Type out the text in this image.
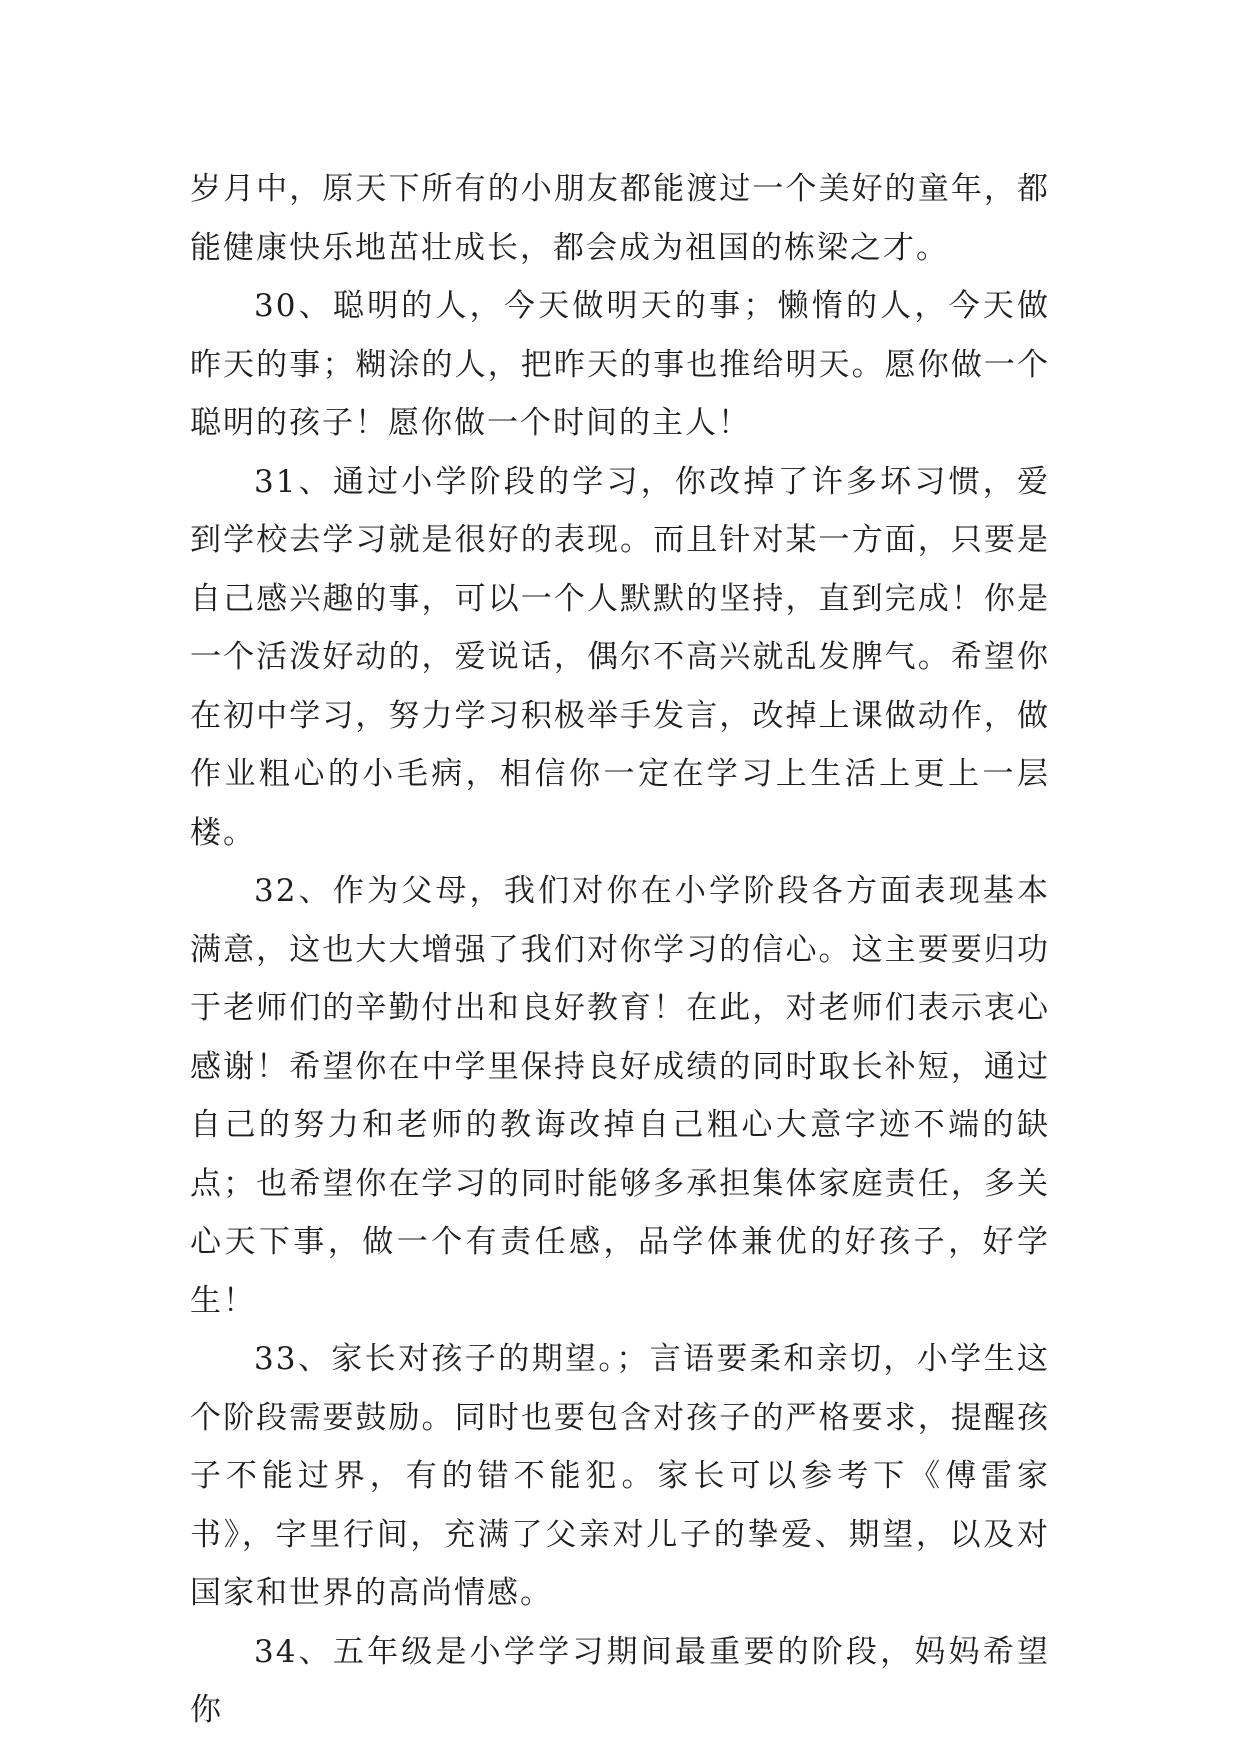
岁月中，原天下所有的小朋友都能渡过一个美好的童年，都能健康快乐地茁壮成长，都会成为祖国的栋梁之才。

30、聪明的人，今天做明天的事；懒惰的人，今天做昨天的事；糊涂的人，把昨天的事也推给明天。愿你做一个聪明的孩子！愿你做一个时间的主人！

31、通过小学阶段的学习，你改掉了许多坏习惯，爱到学校去学习就是很好的表现。而且针对某一方面，只要是自己感兴趣的事，可以一个人默默的坚持，直到完成！你是一个活泼好动的，爱说话，偶尔不高兴就乱发脾气。希望你在初中学习，努力学习积极举手发言，改掉上课做动作，做作业粗心的小毛病，相信你一定在学习上生活上更上一层楼。

32、作为父母，我们对你在小学阶段各方面表现基本满意，这也大大增强了我们对你学习的信心。这主要要归功于老师们的辛勤付出和良好教育！在此，对老师们表示衷心感谢！希望你在中学里保持良好成绩的同时取长补短，通过自己的努力和老师的教诲改掉自己粗心大意字迹不端的缺点；也希望你在学习的同时能够多承担集体家庭责任，多关心天下事，做一个有责任感，品学体兼优的好孩子，好学生！

33、家长对孩子的期望。；言语要柔和亲切，小学生这个阶段需要鼓励。同时也要包含对孩子的严格要求，提醒孩子不能过界，有的错不能犯。家长可以参考下《傅雷家书》，字里行间，充满了父亲对儿子的挚爱、期望，以及对国家和世界的高尚情感。

34、五年级是小学学习期间最重要的阶段，妈妈希望你
